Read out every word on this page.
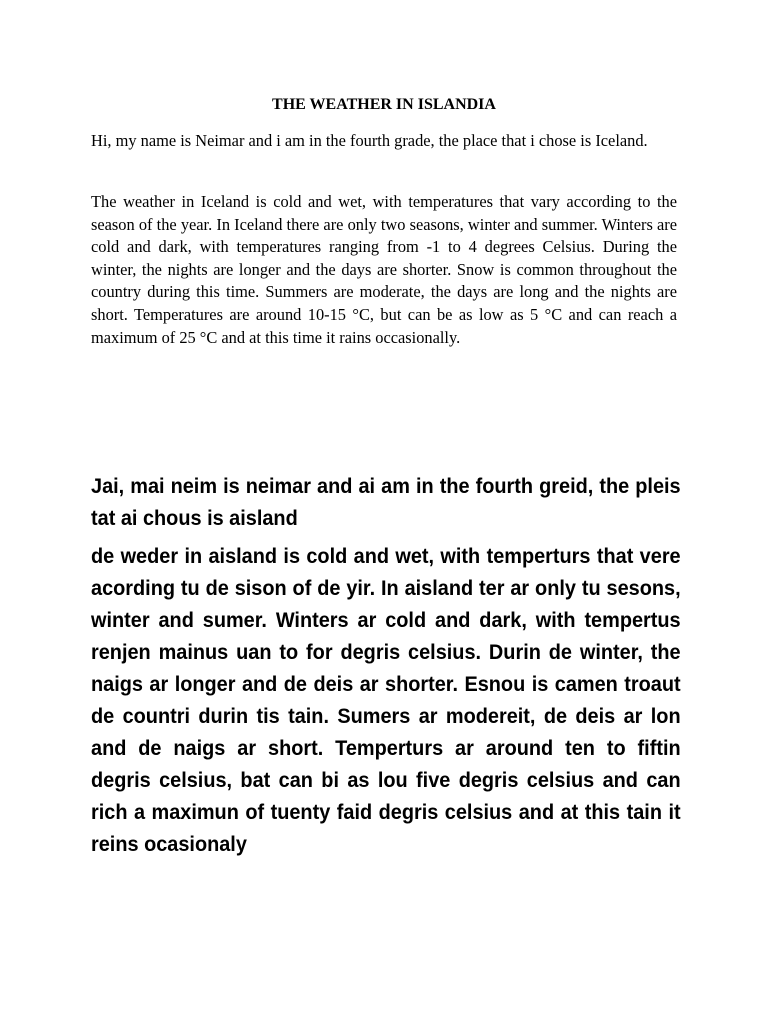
THE WEATHER IN ISLANDIA

Hi, my name is Neimar and i am in the fourth grade, the place that i chose is Iceland.

The weather in Iceland is cold and wet, with temperatures that vary according to the season of the year. In Iceland there are only two seasons, winter and summer. Winters are cold and dark, with temperatures ranging from -1 to 4 degrees Celsius. During the winter, the nights are longer and the days are shorter. Snow is common throughout the country during this time. Summers are moderate, the days are long and the nights are short. Temperatures are around 10-15 °C, but can be as low as 5 °C and can reach a maximum of 25 °C and at this time it rains occasionally.

Jai, mai neim is neimar and ai am in the fourth greid, the pleis tat ai chous is aisland

de weder in aisland is cold and wet, with temperturs that vere acording tu de sison of de yir. In aisland ter ar only tu sesons, winter and sumer. Winters ar cold and dark, with tempertus renjen mainus uan to for degris celsius. Durin de winter, the naigs ar longer and de deis ar shorter. Esnou is camen troaut de countri durin tis tain. Sumers ar modereit, de deis ar lon and de naigs ar short. Temperturs ar around ten to fiftin degris celsius, bat can bi as lou five degris celsius and can rich a maximun of tuenty faid degris celsius and at this tain it reins ocasionaly
